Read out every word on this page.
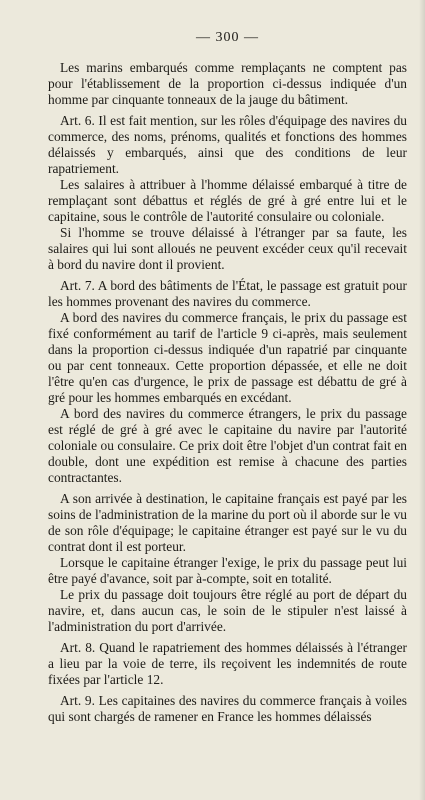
— 300 —

Les marins embarqués comme remplaçants ne comptent pas pour l'établissement de la proportion ci-dessus indiquée d'un homme par cinquante tonneaux de la jauge du bâtiment.

Art. 6. Il est fait mention, sur les rôles d'équipage des navires du commerce, des noms, prénoms, qualités et fonctions des hommes délaissés y embarqués, ainsi que des conditions de leur rapatriement.

Les salaires à attribuer à l'homme délaissé embarqué à titre de remplaçant sont débattus et réglés de gré à gré entre lui et le capitaine, sous le contrôle de l'autorité consulaire ou coloniale.

Si l'homme se trouve délaissé à l'étranger par sa faute, les salaires qui lui sont alloués ne peuvent excéder ceux qu'il recevait à bord du navire dont il provient.

Art. 7. A bord des bâtiments de l'État, le passage est gratuit pour les hommes provenant des navires du commerce.

A bord des navires du commerce français, le prix du passage est fixé conformément au tarif de l'article 9 ci-après, mais seulement dans la proportion ci-dessus indiquée d'un rapatrié par cinquante ou par cent tonneaux. Cette proportion dépassée, et elle ne doit l'être qu'en cas d'urgence, le prix de passage est débattu de gré à gré pour les hommes embarqués en excédant.

A bord des navires du commerce étrangers, le prix du passage est réglé de gré à gré avec le capitaine du navire par l'autorité coloniale ou consulaire. Ce prix doit être l'objet d'un contrat fait en double, dont une expédition est remise à chacune des parties contractantes.

A son arrivée à destination, le capitaine français est payé par les soins de l'administration de la marine du port où il aborde sur le vu de son rôle d'équipage; le capitaine étranger est payé sur le vu du contrat dont il est porteur.

Lorsque le capitaine étranger l'exige, le prix du passage peut lui être payé d'avance, soit par à-compte, soit en totalité.

Le prix du passage doit toujours être réglé au port de départ du navire, et, dans aucun cas, le soin de le stipuler n'est laissé à l'administration du port d'arrivée.

Art. 8. Quand le rapatriement des hommes délaissés à l'étranger a lieu par la voie de terre, ils reçoivent les indemnités de route fixées par l'article 12.

Art. 9. Les capitaines des navires du commerce français à voiles qui sont chargés de ramener en France les hommes délaissés
